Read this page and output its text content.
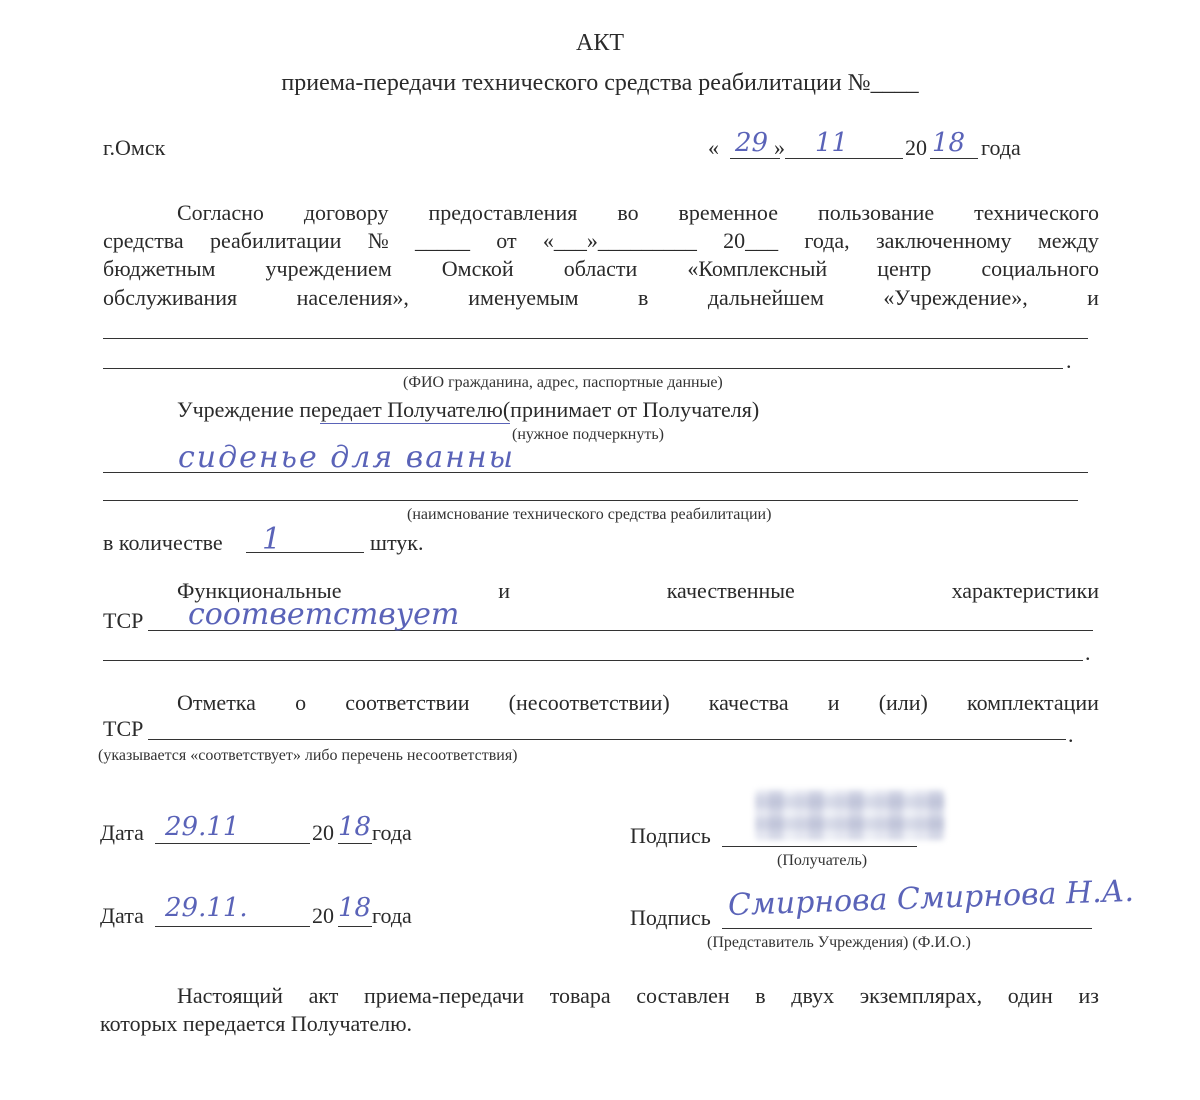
АКТ
приема-передачи технического средства реабилитации №____
г.Омск	«	»	20 года
29 11	18
Согласно договору предоставления во временное пользование технического
средства реабилитации № _____ от «___»_________ 20___ года, заключенному между
бюджетным учреждением Омской области «Комплексный центр социального
обслуживания	населения»,	именуемым	в	дальнейшем	«Учреждение»,	и
.
(ФИО гражданина, адрес, паспортные данные)
Учреждение передает Получателю(принимает от Получателя)
(нужное подчеркнуть)
сиденье для ванны
(наимснование технического средства реабилитации)
в количестве 1	штук.
Функциональные	и	качественные	характеристики
ТСР соответствует
.
Отметка о соответствии (несоответствии) качества и (или) комплектации
ТСР	.
(указывается «соответствует» либо перечень несоответствия)
Дата 29.11	20 18 года	Подпись
(Получатель)
Дата 29.11.	20 18 года	Подпись Смирнова Смирнова Н.А.
(Представитель Учреждения) (Ф.И.О.)
Настоящий акт приема-передачи товара составлен в двух экземплярах, один из
которых передается Получателю.
